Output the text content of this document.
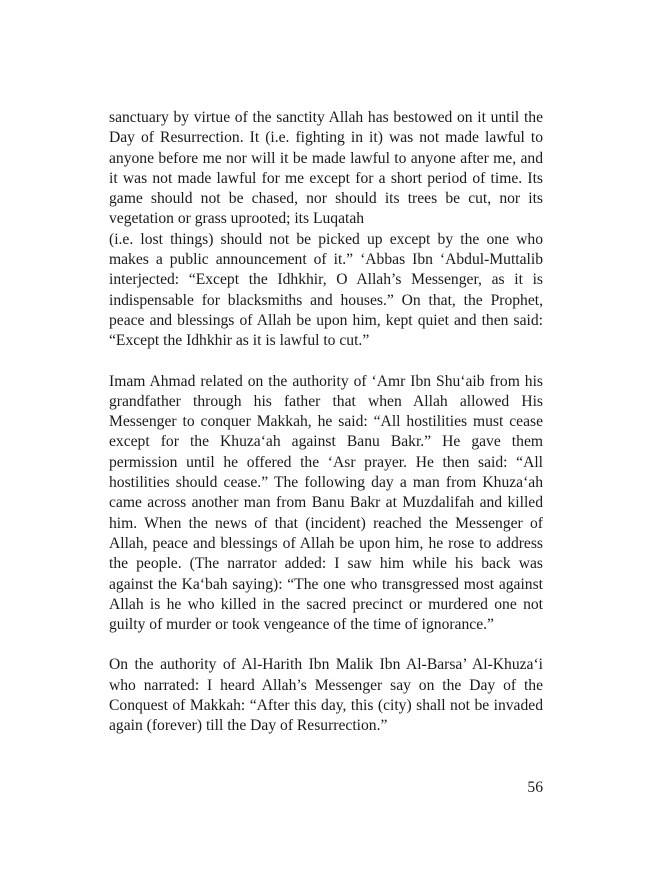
sanctuary by virtue of the sanctity Allah has bestowed on it until the Day of Resurrection. It (i.e. fighting in it) was not made lawful to anyone before me nor will it be made lawful to anyone after me, and it was not made lawful for me except for a short period of time. Its game should not be chased, nor should its trees be cut, nor its vegetation or grass uprooted; its Luqatah
(i.e. lost things) should not be picked up except by the one who makes a public announcement of it.” ‘Abbas Ibn ‘Abdul-Muttalib interjected: “Except the Idhkhir, O Allah’s Messenger, as it is indispensable for blacksmiths and houses.” On that, the Prophet, peace and blessings of Allah be upon him, kept quiet and then said: “Except the Idhkhir as it is lawful to cut.”

Imam Ahmad related on the authority of ‘Amr Ibn Shu‘aib from his grandfather through his father that when Allah allowed His Messenger to conquer Makkah, he said: “All hostilities must cease except for the Khuza‘ah against Banu Bakr.” He gave them permission until he offered the ‘Asr prayer. He then said: “All hostilities should cease.” The following day a man from Khuza‘ah came across another man from Banu Bakr at Muzdalifah and killed him. When the news of that (incident) reached the Messenger of Allah, peace and blessings of Allah be upon him, he rose to address the people. (The narrator added: I saw him while his back was against the Ka‘bah saying): “The one who transgressed most against Allah is he who killed in the sacred precinct or murdered one not guilty of murder or took vengeance of the time of ignorance.”

On the authority of Al-Harith Ibn Malik Ibn Al-Barsa’ Al-Khuza‘i who narrated: I heard Allah’s Messenger say on the Day of the Conquest of Makkah: “After this day, this (city) shall not be invaded again (forever) till the Day of Resurrection.”

56
